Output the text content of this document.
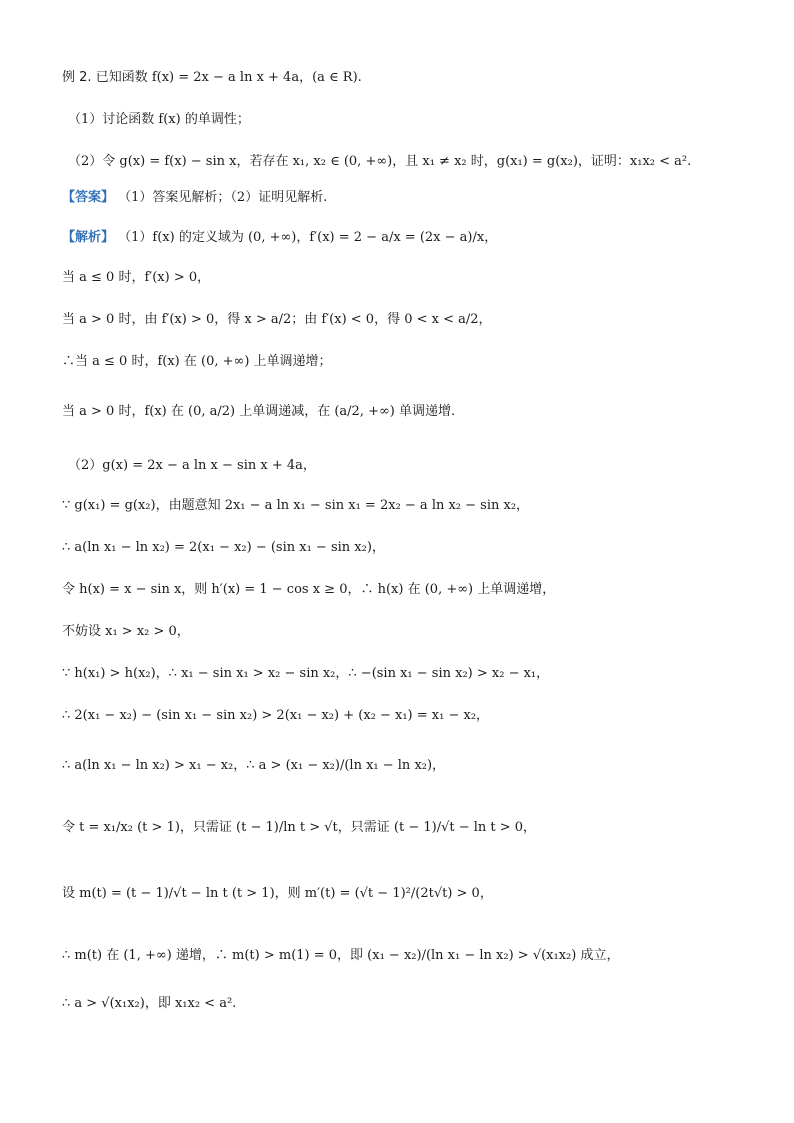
例 2. 已知函数 f(x) = 2x − a ln x + 4a，(a ∈ R).
（1）讨论函数 f(x) 的单调性；
（2）令 g(x) = f(x) − sin x，若存在 x₁, x₂ ∈ (0, +∞)，且 x₁ ≠ x₂ 时，g(x₁) = g(x₂)，证明：x₁x₂ < a².
【答案】 （1）答案见解析；（2）证明见解析.
【解析】 （1）f(x) 的定义域为 (0, +∞)，f′(x) = 2 − a/x = (2x − a)/x，
当 a ≤ 0 时，f′(x) > 0，
当 a > 0 时，由 f′(x) > 0，得 x > a/2；由 f′(x) < 0，得 0 < x < a/2，
∴当 a ≤ 0 时，f(x) 在 (0, +∞) 上单调递增；
当 a > 0 时，f(x) 在 (0, a/2) 上单调递减，在 (a/2, +∞) 单调递增.
（2）g(x) = 2x − a ln x − sin x + 4a，
∵ g(x₁) = g(x₂)，由题意知 2x₁ − a ln x₁ − sin x₁ = 2x₂ − a ln x₂ − sin x₂，
∴ a(ln x₁ − ln x₂) = 2(x₁ − x₂) − (sin x₁ − sin x₂)，
令 h(x) = x − sin x，则 h′(x) = 1 − cos x ≥ 0，∴ h(x) 在 (0, +∞) 上单调递增，
不妨设 x₁ > x₂ > 0，
∵ h(x₁) > h(x₂)，∴ x₁ − sin x₁ > x₂ − sin x₂，∴ −(sin x₁ − sin x₂) > x₂ − x₁，
∴ 2(x₁ − x₂) − (sin x₁ − sin x₂) > 2(x₁ − x₂) + (x₂ − x₁) = x₁ − x₂，
∴ a(ln x₁ − ln x₂) > x₁ − x₂，∴ a > (x₁ − x₂)/(ln x₁ − ln x₂)，
令 t = x₁/x₂ (t > 1)，只需证 (t − 1)/ln t > √t，只需证 (t − 1)/√t − ln t > 0，
设 m(t) = (t − 1)/√t − ln t (t > 1)，则 m′(t) = (√t − 1)²/(2t√t) > 0，
∴ m(t) 在 (1, +∞) 递增，∴ m(t) > m(1) = 0，即 (x₁ − x₂)/(ln x₁ − ln x₂) > √(x₁x₂) 成立，
∴ a > √(x₁x₂)，即 x₁x₂ < a².
